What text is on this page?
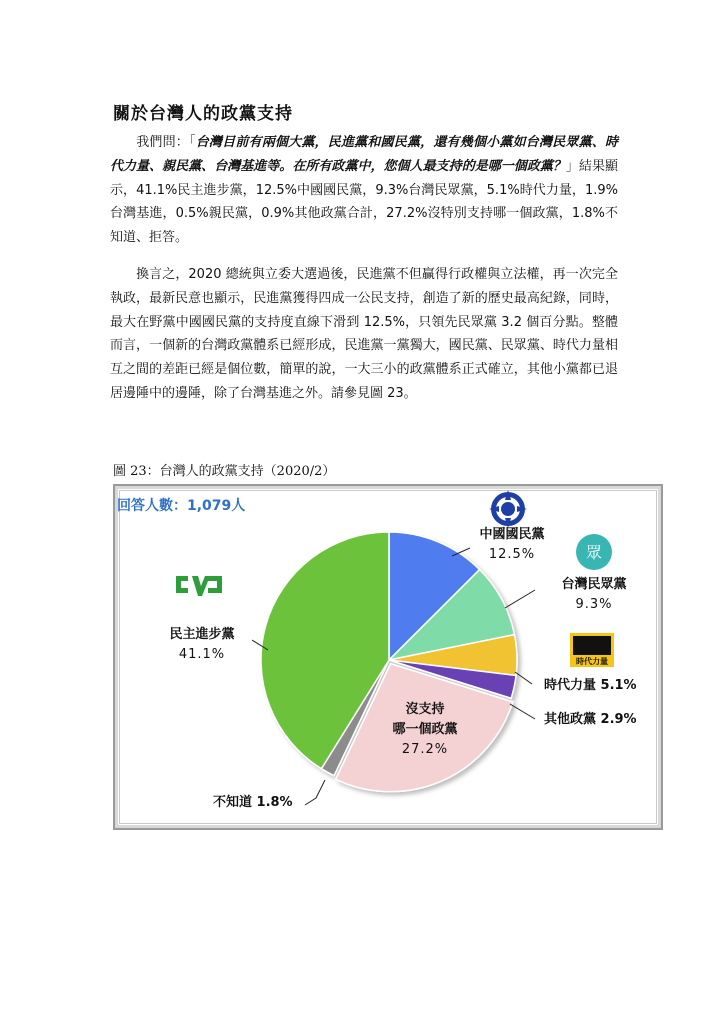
關於台灣人的政黨支持
我們問：「台灣目前有兩個大黨，民進黨和國民黨，還有幾個小黨如台灣民眾黨、時代力量、親民黨、台灣基進等。在所有政黨中，您個人最支持的是哪一個政黨？」結果顯示，41.1%民主進步黨，12.5%中國國民黨，9.3%台灣民眾黨，5.1%時代力量，1.9%台灣基進，0.5%親民黨，0.9%其他政黨合計，27.2%沒特別支持哪一個政黨，1.8%不知道、拒答。
換言之，2020 總統與立委大選過後，民進黨不但贏得行政權與立法權，再一次完全執政，最新民意也顯示，民進黨獲得四成一公民支持，創造了新的歷史最高紀錄，同時，最大在野黨中國國民黨的支持度直線下滑到 12.5%，只領先民眾黨 3.2 個百分點。整體而言，一個新的台灣政黨體系已經形成，民進黨一黨獨大，國民黨、民眾黨、時代力量相互之間的差距已經是個位數，簡單的說，一大三小的政黨體系正式確立，其他小黨都已退居邊陲中的邊陲，除了台灣基進之外。請參見圖 23。
圖 23：台灣人的政黨支持（2020/2）
回答人數：1,079人
眾
時代力量
中國國民黨
12.5%
台灣民眾黨
9.3%
時代力量 5.1%
其他政黨 2.9%
沒支持
哪一個政黨
27.2%
不知道 1.8%
民主進步黨
41.1%
